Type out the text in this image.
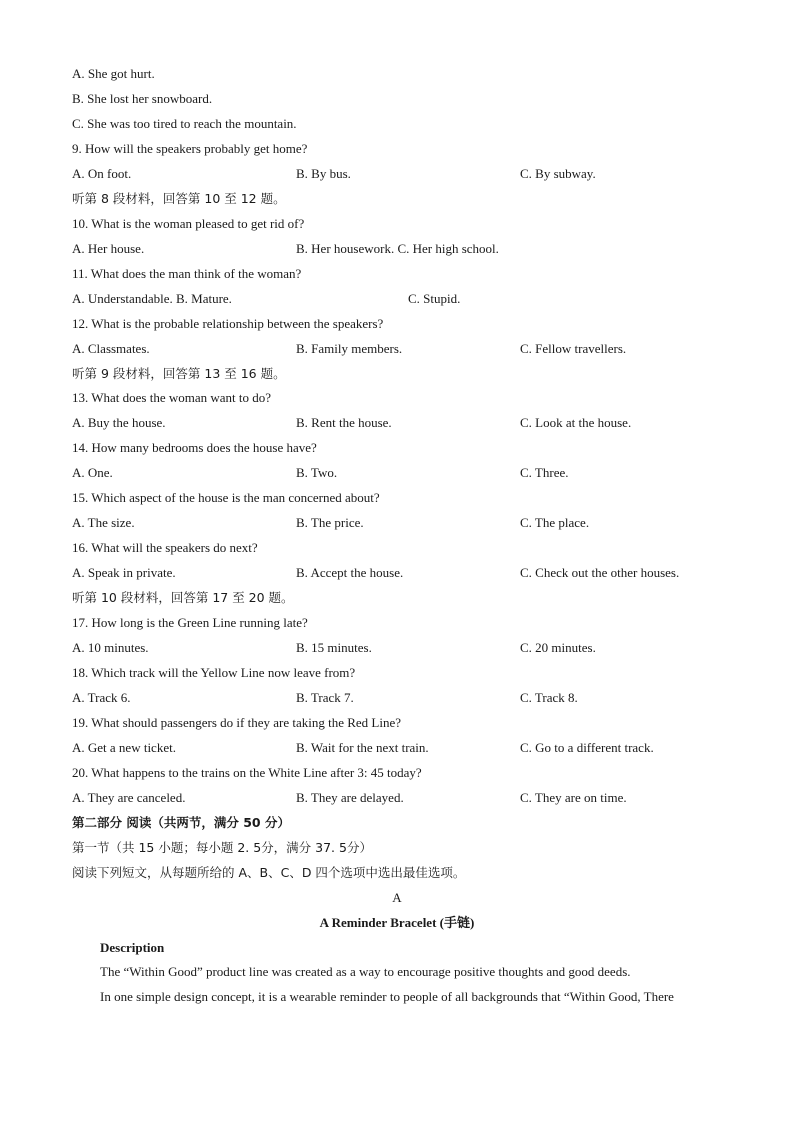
A. She got hurt.
B. She lost her snowboard.
C. She was too tired to reach the mountain.
9. How will the speakers probably get home?
A. On foot.	B. By bus.	C. By subway.
听第 8 段材料，回答第 10 至 12 题。
10. What is the woman pleased to get rid of?
A. Her house.	B. Her housework. C. Her high school.
11. What does the man think of the woman?
A. Understandable. B. Mature.	C. Stupid.
12. What is the probable relationship between the speakers?
A. Classmates.	B. Family members.	C. Fellow travellers.
听第 9 段材料，回答第 13 至 16 题。
13. What does the woman want to do?
A. Buy the house.	B. Rent the house.	C. Look at the house.
14. How many bedrooms does the house have?
A. One.	B. Two.	C. Three.
15. Which aspect of the house is the man concerned about?
A. The size.	B. The price.	C. The place.
16. What will the speakers do next?
A. Speak in private.	B. Accept the house.	C. Check out the other houses.
听第 10 段材料，回答第 17 至 20 题。
17. How long is the Green Line running late?
A. 10 minutes.	B. 15 minutes.	C. 20 minutes.
18. Which track will the Yellow Line now leave from?
A. Track 6.	B. Track 7.	C. Track 8.
19. What should passengers do if they are taking the Red Line?
A. Get a new ticket.	B. Wait for the next train.	C. Go to a different track.
20. What happens to the trains on the White Line after 3: 45 today?
A. They are canceled.	B. They are delayed.	C. They are on time.
第二部分 阅读（共两节，满分 50 分）
第一节（共 15 小题；每小题 2. 5分，满分 37. 5分）
阅读下列短文，从每题所给的 A、B、C、D 四个选项中选出最佳选项。
A
A Reminder Bracelet (手链)
Description
The “Within Good” product line was created as a way to encourage positive thoughts and good deeds.
In one simple design concept, it is a wearable reminder to people of all backgrounds that “Within Good, There
